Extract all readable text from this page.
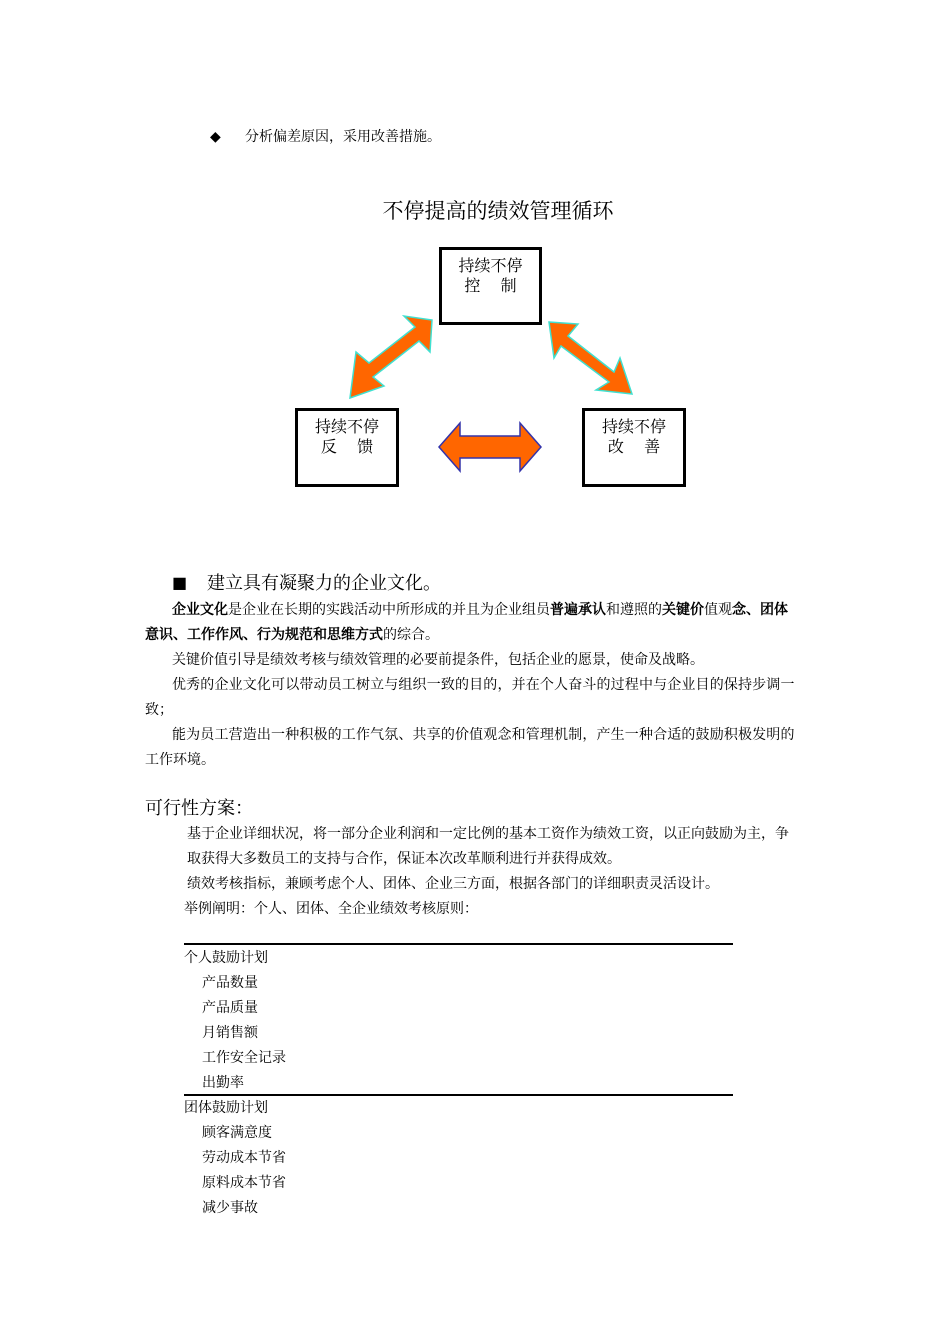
◆ 分析偏差原因，采用改善措施。
不停提高的绩效管理循环
持续不停
控    制
持续不停
反    馈
持续不停
改    善
■ 建立具有凝聚力的企业文化。
企业文化是企业在长期的实践活动中所形成的并且为企业组员普遍承认和遵照的关键价值观念、团体
意识、工作作风、行为规范和思维方式的综合。
关键价值引导是绩效考核与绩效管理的必要前提条件，包括企业的愿景，使命及战略。
优秀的企业文化可以带动员工树立与组织一致的目的，并在个人奋斗的过程中与企业目的保持步调一
致；
能为员工营造出一种积极的工作气氛、共享的价值观念和管理机制，产生一种合适的鼓励积极发明的
工作环境。
可行性方案：
基于企业详细状况，将一部分企业利润和一定比例的基本工资作为绩效工资，以正向鼓励为主，争
取获得大多数员工的支持与合作，保证本次改革顺利进行并获得成效。
绩效考核指标，兼顾考虑个人、团体、企业三方面，根据各部门的详细职责灵活设计。
举例阐明：个人、团体、全企业绩效考核原则：
个人鼓励计划
产品数量
产品质量
月销售额
工作安全记录
出勤率
团体鼓励计划
顾客满意度
劳动成本节省
原料成本节省
减少事故
